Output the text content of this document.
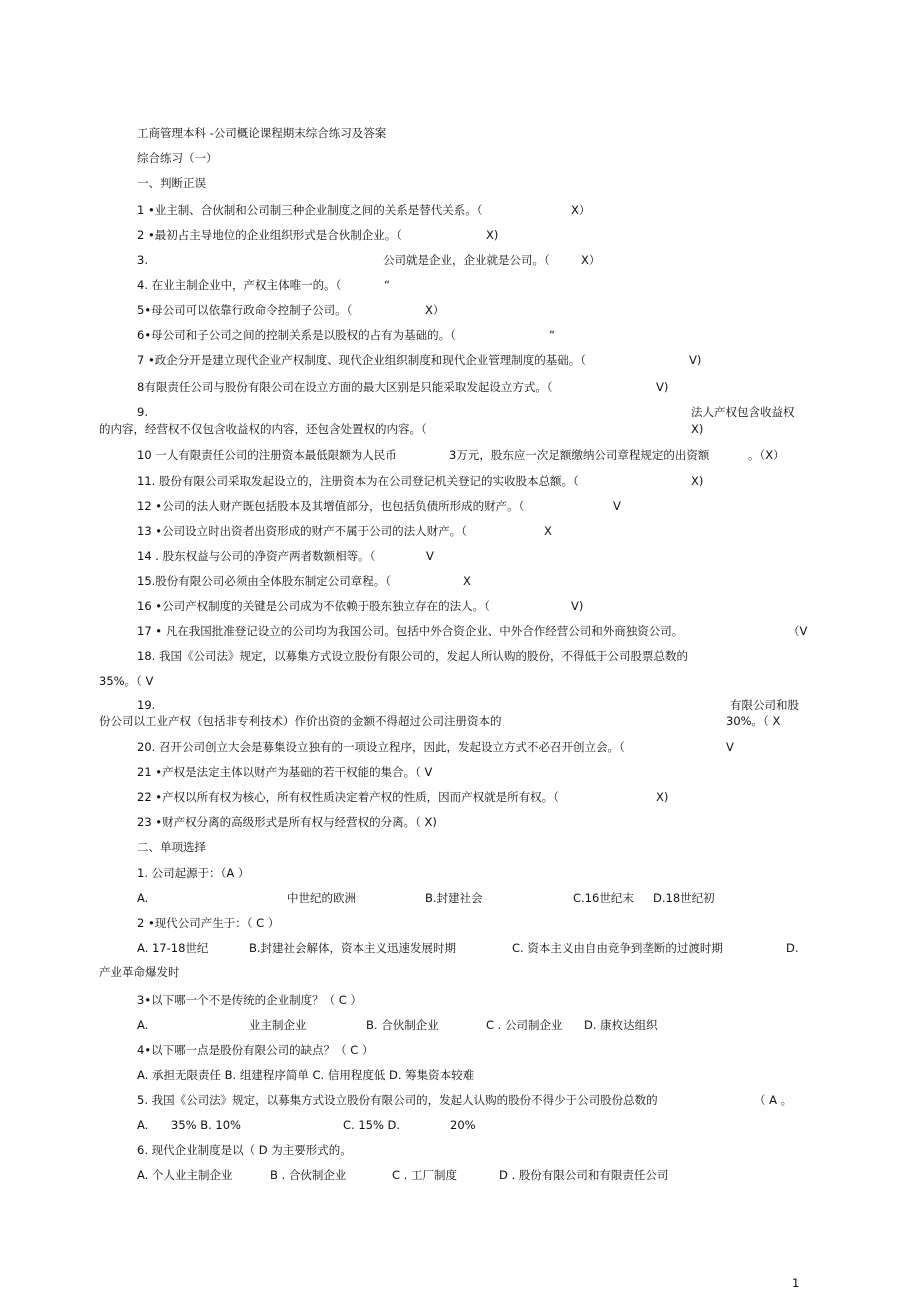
工商管理本科 -公司概论课程期末综合练习及答案
综合练习（一）
一、判断正误
1 •业主制、合伙制和公司制三种企业制度之间的关系是替代关系。（	X）
2 •最初占主导地位的企业组织形式是合伙制企业。（	X)
3.	公司就是企业，企业就是公司。（	X）
4. 在业主制企业中，产权主体唯一的。（	“
5•母公司可以依靠行政命令控制子公司。（	X）
6•母公司和子公司之间的控制关系是以股权的占有为基础的。（	“
7 •政企分开是建立现代企业产权制度、现代企业组织制度和现代企业管理制度的基础。（	V)
8有限责任公司与股份有限公司在设立方面的最大区别是只能采取发起设立方式。（	V)
9.	法人产权包含收益权
的内容，经营权不仅包含收益权的内容，还包含处置权的内容。（	X)
10 一人有限责任公司的注册资本最低限额为人民币	3万元，股东应一次足额缴纳公司章程规定的出资额	。（X）
11. 股份有限公司采取发起设立的，注册资本为在公司登记机关登记的实收股本总额。（	X)
12 •公司的法人财产既包括股本及其增值部分，也包括负债所形成的财产。（	V
13 •公司设立时出资者出资形成的财产不属于公司的法人财产。（	X
14 . 股东权益与公司的净资产两者数额相等。（	V
15.股份有限公司必须由全体股东制定公司章程。（	X
16 •公司产权制度的关键是公司成为不依赖于股东独立存在的法人。（	V)
17 • 凡在我国批准登记设立的公司均为我国公司。包括中外合资企业、中外合作经营公司和外商独资公司。	（V
18. 我国《公司法》规定，以募集方式设立股份有限公司的，发起人所认购的股份，不得低于公司股票总数的
35%。（ V
19.	有限公司和股
份公司以工业产权（包括非专利技术）作价出资的金额不得超过公司注册资本的	30%。（ X
20. 召开公司创立大会是募集设立独有的一项设立程序，因此，发起设立方式不必召开创立会。（	V
21 •产权是法定主体以财产为基础的若干权能的集合。（ V
22 •产权以所有权为核心，所有权性质决定着产权的性质，因而产权就是所有权。（	X)
23 •财产权分离的高级形式是所有权与经营权的分离。（ X)
二、单项选择
1. 公司起源于：（A ）
A.	中世纪的欧洲	B.封建社会	C.16世纪末 D.18世纪初
2 •现代公司产生于：（ C ）
A. 17-18世纪	B.封建社会解体，资本主义迅速发展时期	C. 资本主义由自由竞争到垄断的过渡时期	D.
产业革命爆发时
3•以下哪一个不是传统的企业制度？（ C ）
A.	业主制企业	B. 合伙制企业	C . 公司制企业 D. 康枚达组织
4•以下哪一点是股份有限公司的缺点？（ C ）
A. 承担无限责任 B. 组建程序简单 C. 信用程度低 D. 筹集资本较难
5. 我国《公司法》规定，以募集方式设立股份有限公司的，发起人认购的股份不得少于公司股份总数的	（ A 。
A. 35% B. 10%	C. 15% D.	20%
6. 现代企业制度是以（ D 为主要形式的。
A. 个人业主制企业	B . 合伙制企业	C . 工厂制度	D . 股份有限公司和有限责任公司
1
